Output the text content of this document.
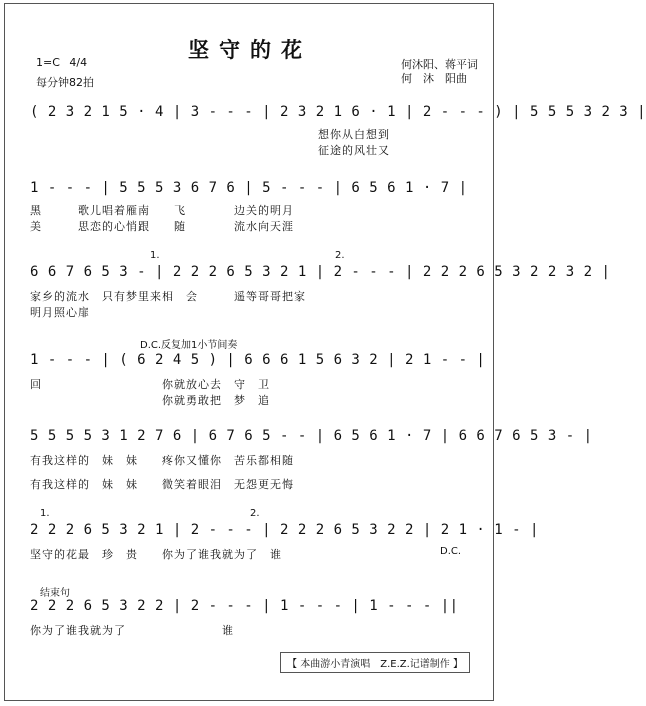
坚守的花
1=C 4/4
每分钟82拍
何沐阳、蒋平词
何　沐　阳曲
( 2 3 2 1 5 · 4 | 3 - - - | 2 3 2 1 6 · 1 | 2 - - - ) | 5 5 5 3 2 3 |
　　　　　　　　　　　　　　　　　　　　　　　　想你从白想到
　　　　　　　　　　　　　　　　　　　　　　　　征途的风壮又
1 - - - | 5 5 5 3 6 7 6 | 5 - - - | 6 5 6 1 · 7 |
黑　　　歌儿唱着雁南　　飞　　　　边关的明月
美　　　思恋的心悄跟　　随　　　　流水向天涯
1.	2.
6 6 7 6 5 3 - | 2 2 2 6 5 3 2 1 | 2 - - - | 2 2 2 6 5 3 2 2 3 2 |
家乡的流水　只有梦里来相　会　　　遥等哥哥把家
明月照心扉
D.C.反复加1小节间奏
1 - - - | ( 6 2 4 5 ) | 6 6 6 1 5 6 3 2 | 2 1 - - |
回　　　　　　　　　　你就放心去　守　卫
　　　　　　　　　　　你就勇敢把　梦　追
5 5 5 5 3 1 2 7 6 | 6 7 6 5 - - | 6 5 6 1 · 7 | 6 6 7 6 5 3 - |
有我这样的　妹　妹　　疼你又懂你　苦乐都相随
有我这样的　妹　妹　　微笑着眼泪　无怨更无悔
1.	2.
2 2 2 6 5 3 2 1 | 2 - - - | 2 2 2 6 5 3 2 2 | 2 1 · 1 - |
坚守的花最　珍　贵　　你为了谁我就为了　谁	D.C.
结束句
2 2 2 6 5 3 2 2 | 2 - - - | 1 - - - | 1 - - - ||
你为了谁我就为了　　　　　　　　谁
【 本曲游小青演唱　Z.E.Z.记谱制作 】
